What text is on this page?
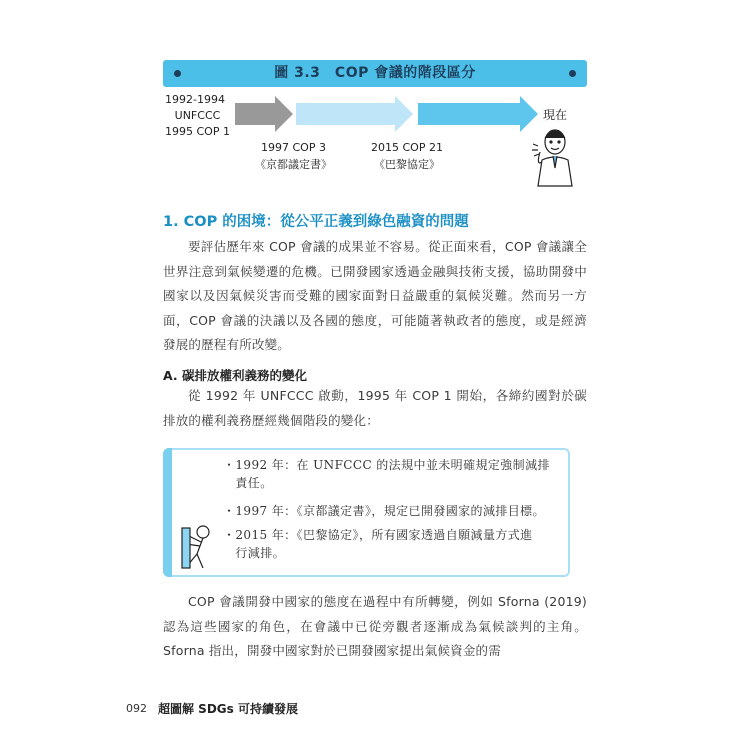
圖 3.3　COP 會議的階段區分
1992-1994
UNFCCC
1995 COP 1
現在
1997 COP 3
《京都議定書》
2015 COP 21
《巴黎協定》
1. COP 的困境：從公平正義到綠色融資的問題
要評估歷年來 COP 會議的成果並不容易。從正面來看，COP 會議讓全世界注意到氣候變遷的危機。已開發國家透過金融與技術支援，協助開發中國家以及因氣候災害而受難的國家面對日益嚴重的氣候災難。然而另一方面，COP 會議的決議以及各國的態度，可能隨著執政者的態度，或是經濟發展的歷程有所改變。
A. 碳排放權利義務的變化
從 1992 年 UNFCCC 啟動，1995 年 COP 1 開始，各締約國對於碳排放的權利義務歷經幾個階段的變化：
・1992 年：在 UNFCCC 的法規中並未明確規定強制減排
　責任。
・1997 年：《京都議定書》，規定已開發國家的減排目標。
・2015 年：《巴黎協定》，所有國家透過自願減量方式進
　行減排。
COP 會議開發中國家的態度在過程中有所轉變，例如 Sforna (2019) 認為這些國家的角色，在會議中已從旁觀者逐漸成為氣候談判的主角。Sforna 指出，開發中國家對於已開發國家提出氣候資金的需
092 超圖解 SDGs 可持續發展
